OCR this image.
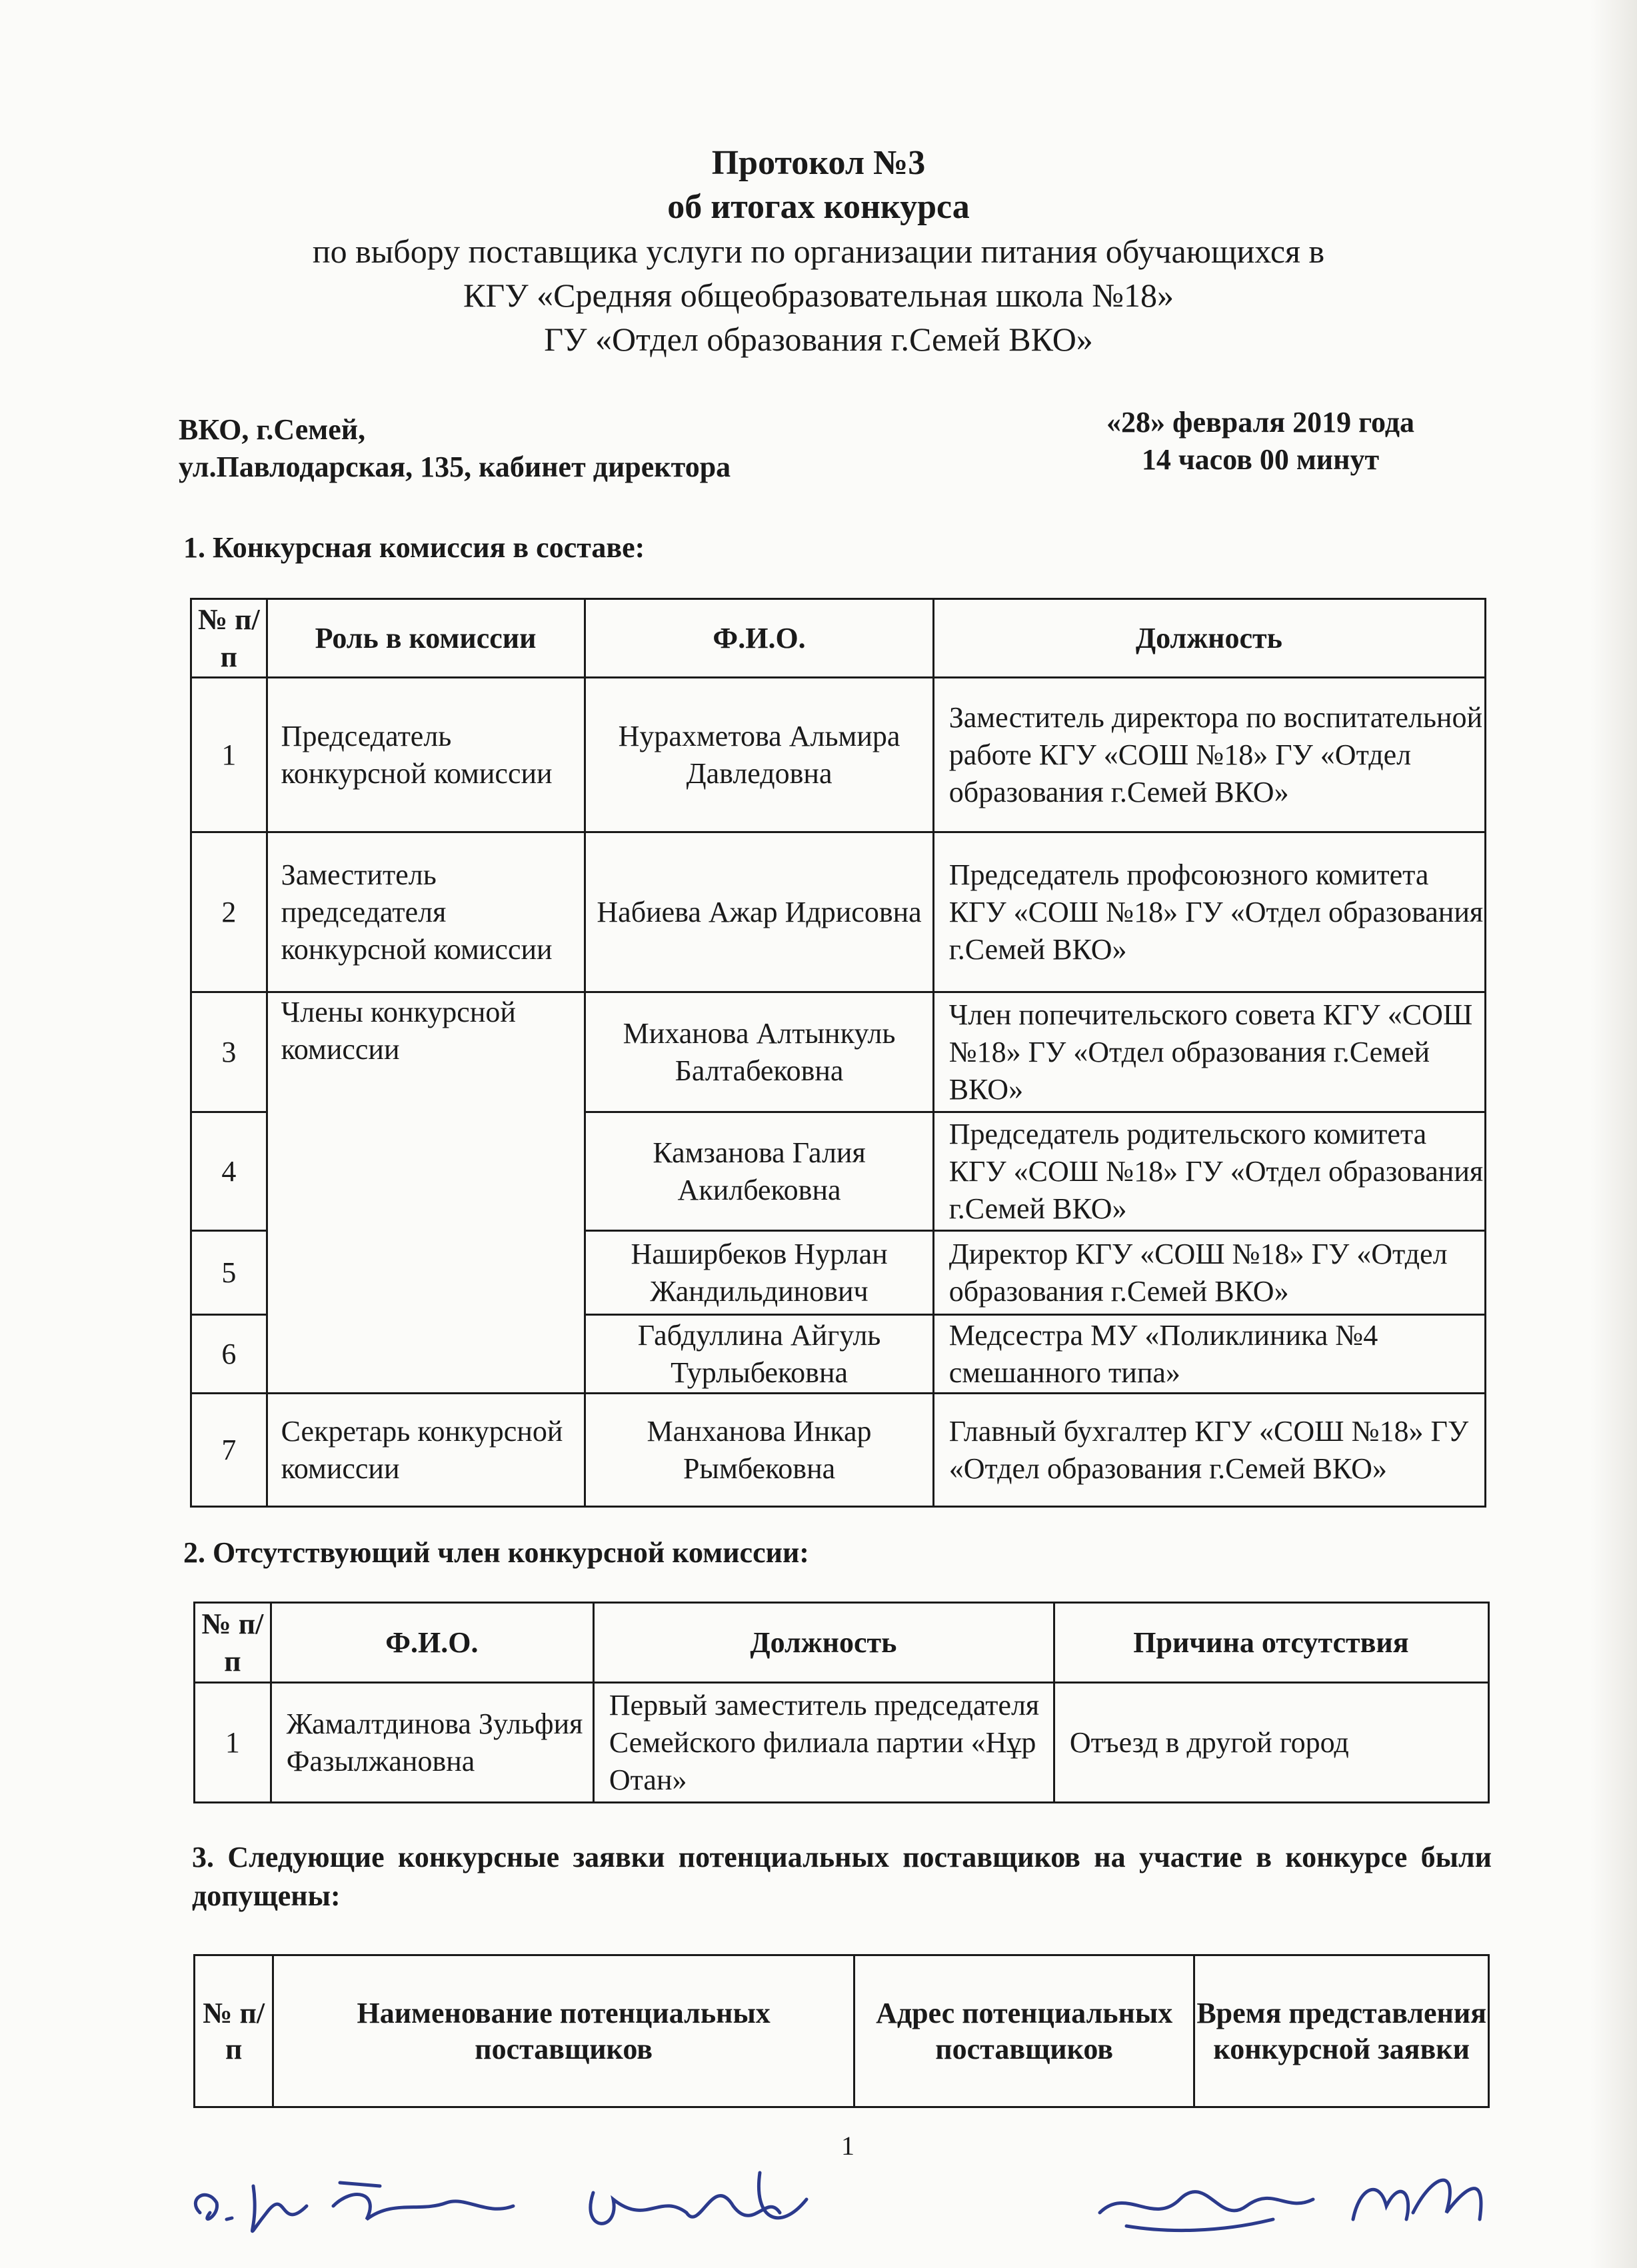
Протокол №3
об итогах конкурса
по выбору поставщика услуги по организации питания обучающихся в
КГУ «Средняя общеобразовательная школа №18»
ГУ «Отдел образования г.Семей ВКО»
ВКО, г.Семей,
ул.Павлодарская, 135, кабинет директора
«28» февраля 2019 года
14 часов 00 минут
1. Конкурсная комиссия в составе:
№ п/п	Роль в комиссии	Ф.И.О.	Должность
1	Председатель конкурсной комиссии	Нурахметова Альмира Давледовна	Заместитель директора по воспитательной работе КГУ «СОШ №18» ГУ «Отдел образования г.Семей ВКО»
2	Заместитель председателя конкурсной комиссии	Набиева Ажар Идрисовна	Председатель профсоюзного комитета КГУ «СОШ №18» ГУ «Отдел образования г.Семей ВКО»
3	Члены конкурсной комиссии	Миханова Алтынкуль Балтабековна	Член попечительского совета КГУ «СОШ №18» ГУ «Отдел образования г.Семей ВКО»
4		Камзанова Галия Акилбековна	Председатель родительского комитета КГУ «СОШ №18» ГУ «Отдел образования г.Семей ВКО»
5		Наширбеков Нурлан Жандильдинович	Директор КГУ «СОШ №18» ГУ «Отдел образования г.Семей ВКО»
6		Габдуллина Айгуль Турлыбековна	Медсестра МУ «Поликлиника №4 смешанного типа»
7	Секретарь конкурсной комиссии	Манханова Инкар Рымбековна	Главный бухгалтер КГУ «СОШ №18» ГУ «Отдел образования г.Семей ВКО»
2. Отсутствующий член конкурсной комиссии:
№ п/п	Ф.И.О.	Должность	Причина отсутствия
1	Жамалтдинова Зульфия Фазылжановна	Первый заместитель председателя Семейского филиала партии «Нұр Отан»	Отъезд в другой город
3. Следующие конкурсные заявки потенциальных поставщиков на участие в конкурсе были допущены:
№ п/п	Наименование потенциальных поставщиков	Адрес потенциальных поставщиков	Время представления конкурсной заявки
1
